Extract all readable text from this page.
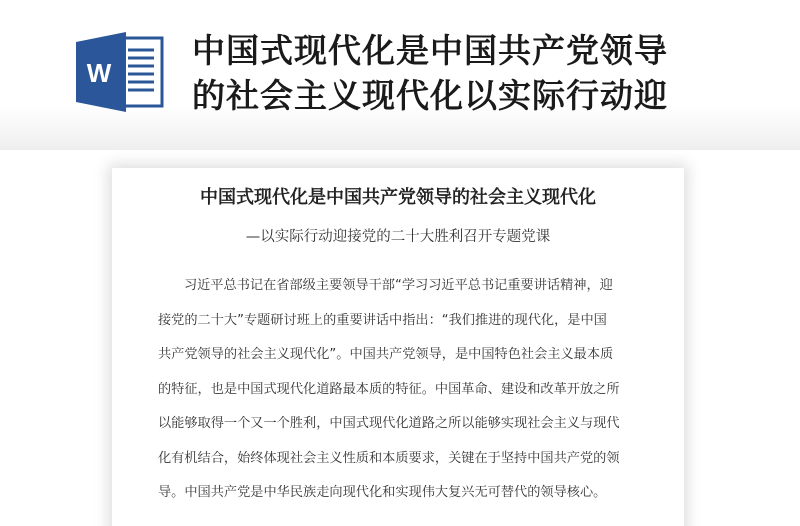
W
中国式现代化是中国共产党领导
的社会主义现代化以实际行动迎
中国式现代化是中国共产党领导的社会主义现代化
—以实际行动迎接党的二十大胜利召开专题党课
习近平总书记在省部级主要领导干部“学习习近平总书记重要讲话精神，迎
接党的二十大”专题研讨班上的重要讲话中指出：“我们推进的现代化，是中国
共产党领导的社会主义现代化”。中国共产党领导，是中国特色社会主义最本质
的特征，也是中国式现代化道路最本质的特征。中国革命、建设和改革开放之所
以能够取得一个又一个胜利，中国式现代化道路之所以能够实现社会主义与现代
化有机结合，始终体现社会主义性质和本质要求，关键在于坚持中国共产党的领
导。中国共产党是中华民族走向现代化和实现伟大复兴无可替代的领导核心。
